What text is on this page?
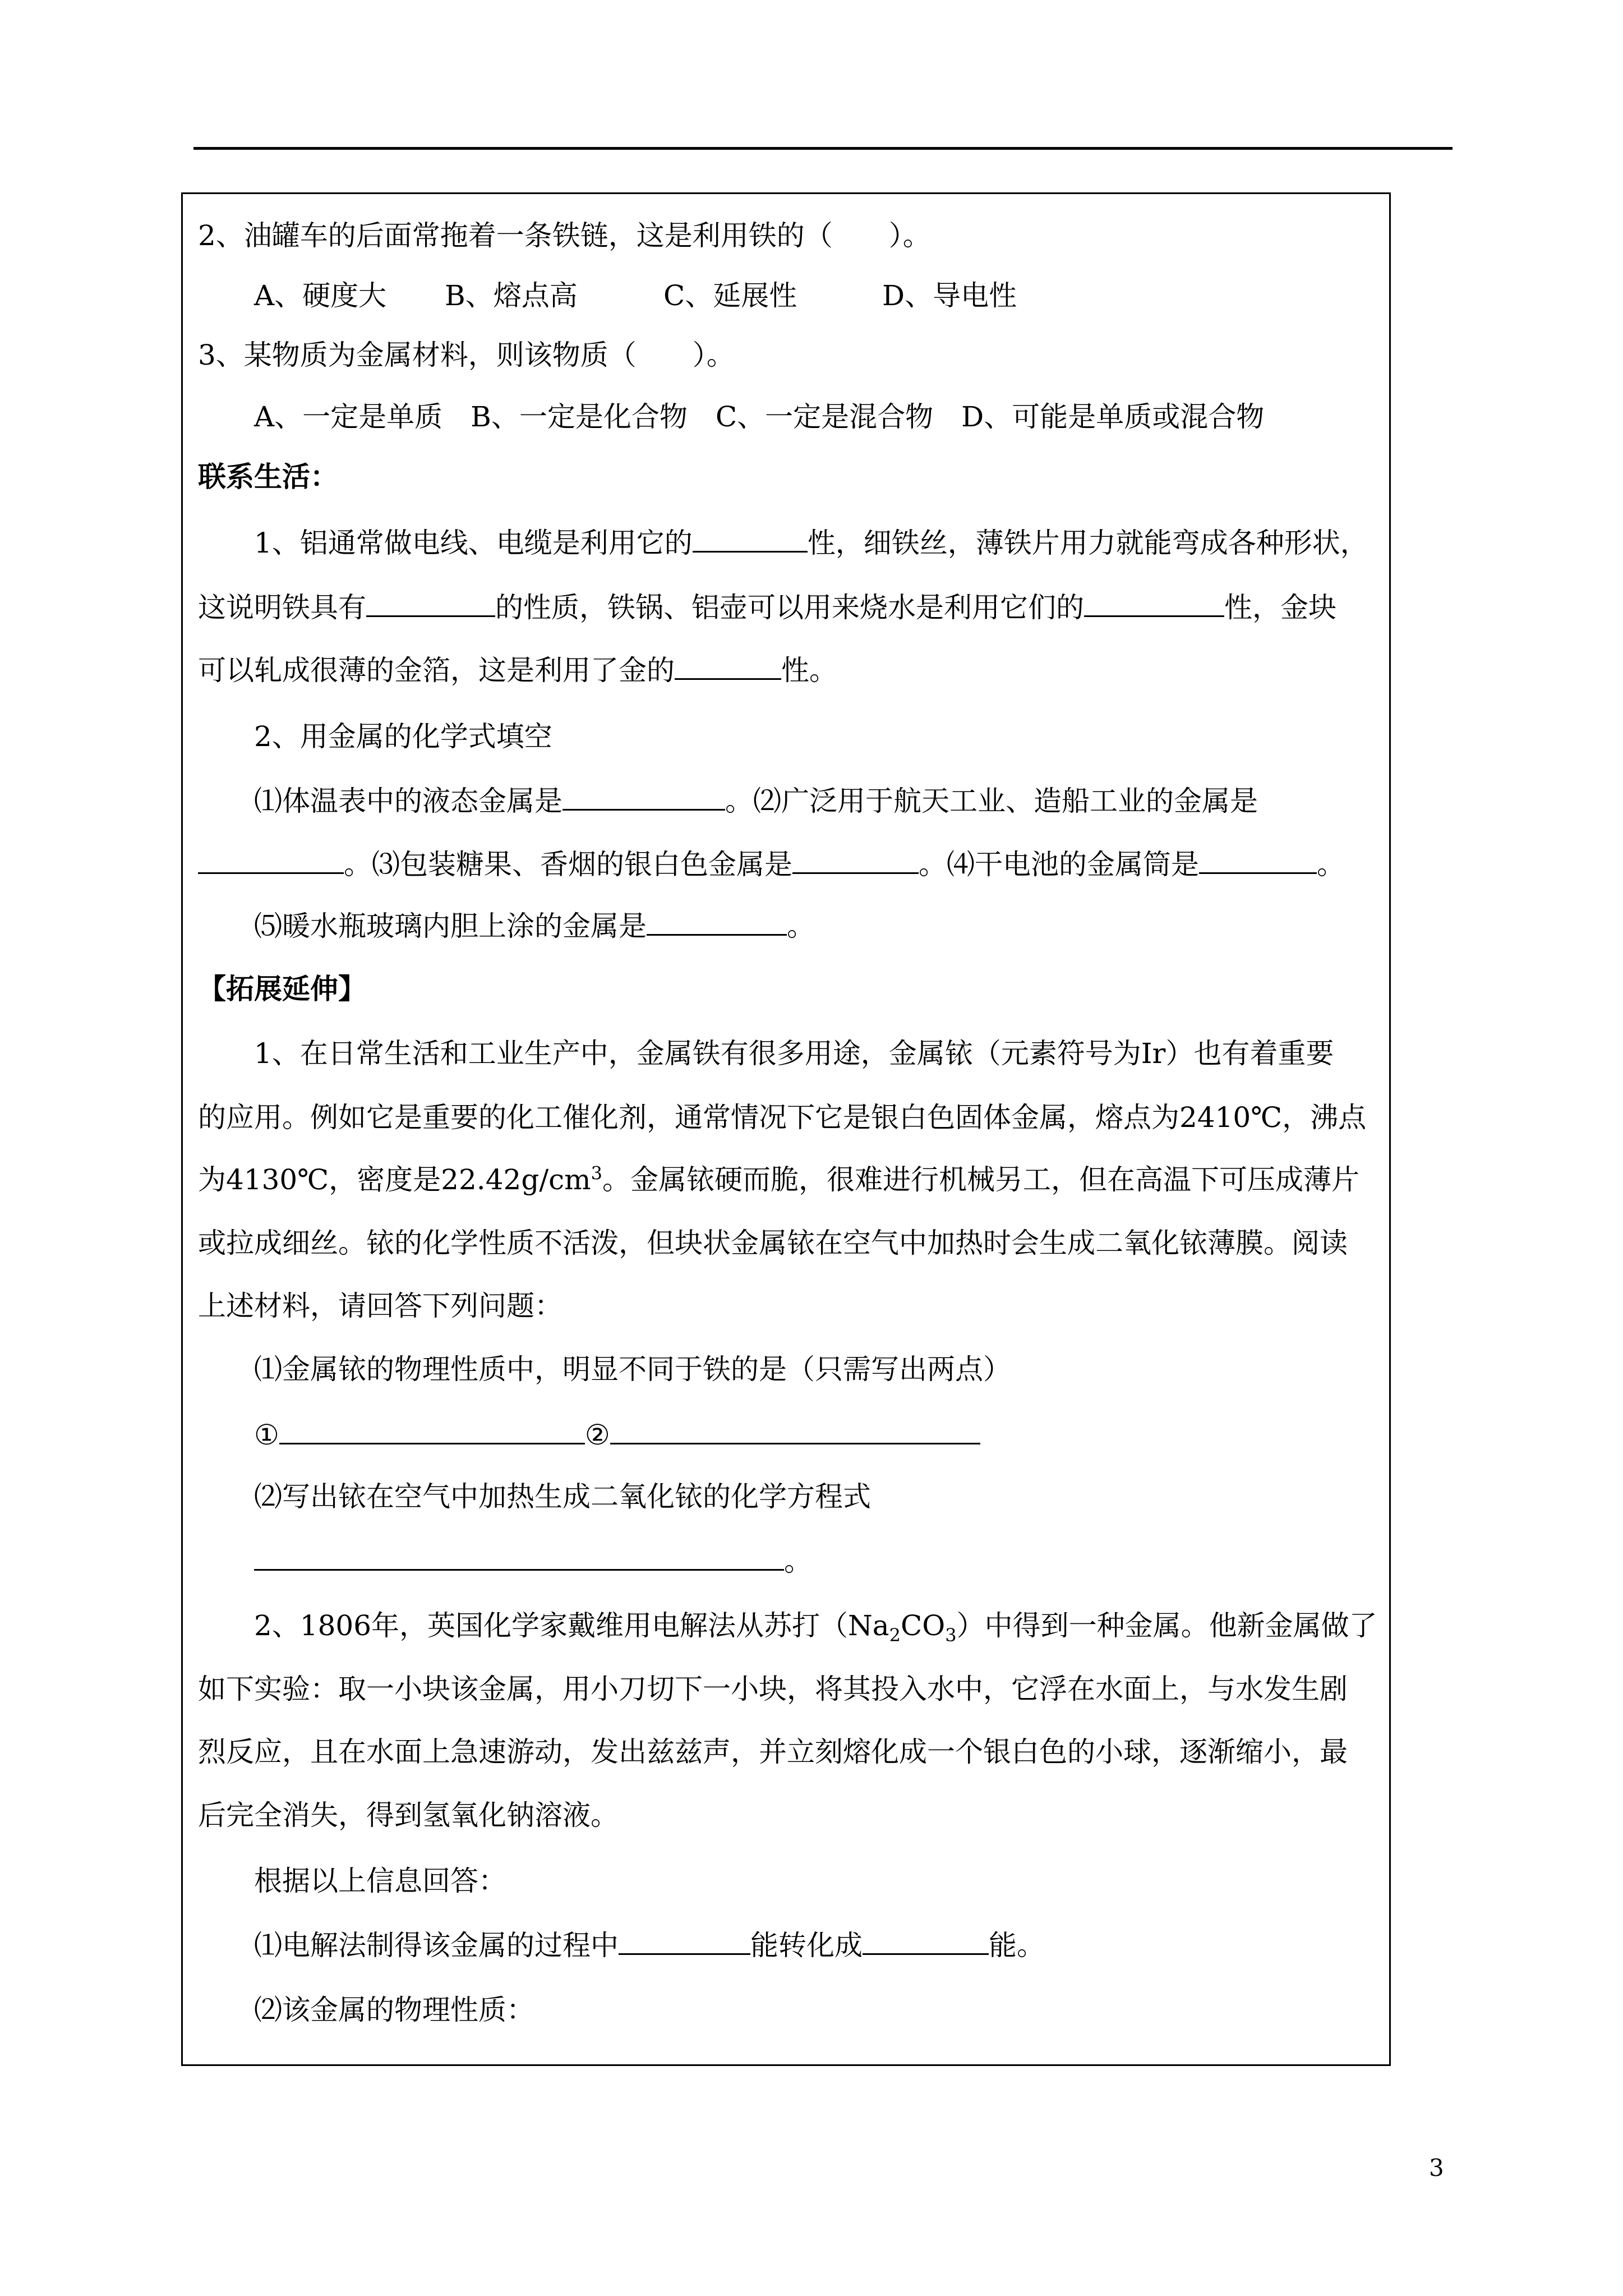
2、油罐车的后面常拖着一条铁链，这是利用铁的（　　）。

A、硬度大 B、熔点高	C、延展性	D、导电性

3、某物质为金属材料，则该物质（　　）。

A、一定是单质　B、一定是化合物　C、一定是混合物　D、可能是单质或混合物

联系生活：

1、铝通常做电线、电缆是利用它的	性，细铁丝，薄铁片用力就能弯成各种形状，

这说明铁具有	的性质，铁锅、铝壶可以用来烧水是利用它们的	性，金块

可以轧成很薄的金箔，这是利用了金的	性。

2、用金属的化学式填空

⑴体温表中的液态金属是	。⑵广泛用于航天工业、造船工业的金属是

。⑶包装糖果、香烟的银白色金属是	。⑷干电池的金属筒是	。

⑸暖水瓶玻璃内胆上涂的金属是	。

【拓展延伸】

1、在日常生活和工业生产中，金属铁有很多用途，金属铱（元素符号为Ir）也有着重要

的应用。例如它是重要的化工催化剂，通常情况下它是银白色固体金属，熔点为2410℃，沸点

为4130℃，密度是$22.42g/cm^3$。金属铱硬而脆，很难进行机械另工，但在高温下可压成薄片

或拉成细丝。铱的化学性质不活泼，但块状金属铱在空气中加热时会生成二氧化铱薄膜。阅读

上述材料，请回答下列问题：

⑴金属铱的物理性质中，明显不同于铁的是（只需写出两点）

①	②

⑵写出铱在空气中加热生成二氧化铱的化学方程式

。

2、1806年，英国化学家戴维用电解法从苏打$(Na_2CO_3)$中得到一种金属。他新金属做了

如下实验：取一小块该金属，用小刀切下一小块，将其投入水中，它浮在水面上，与水发生剧

烈反应，且在水面上急速游动，发出兹兹声，并立刻熔化成一个银白色的小球，逐渐缩小，最

后完全消失，得到氢氧化钠溶液。

根据以上信息回答：

⑴电解法制得该金属的过程中	能转化成	能。

⑵该金属的物理性质：

3
